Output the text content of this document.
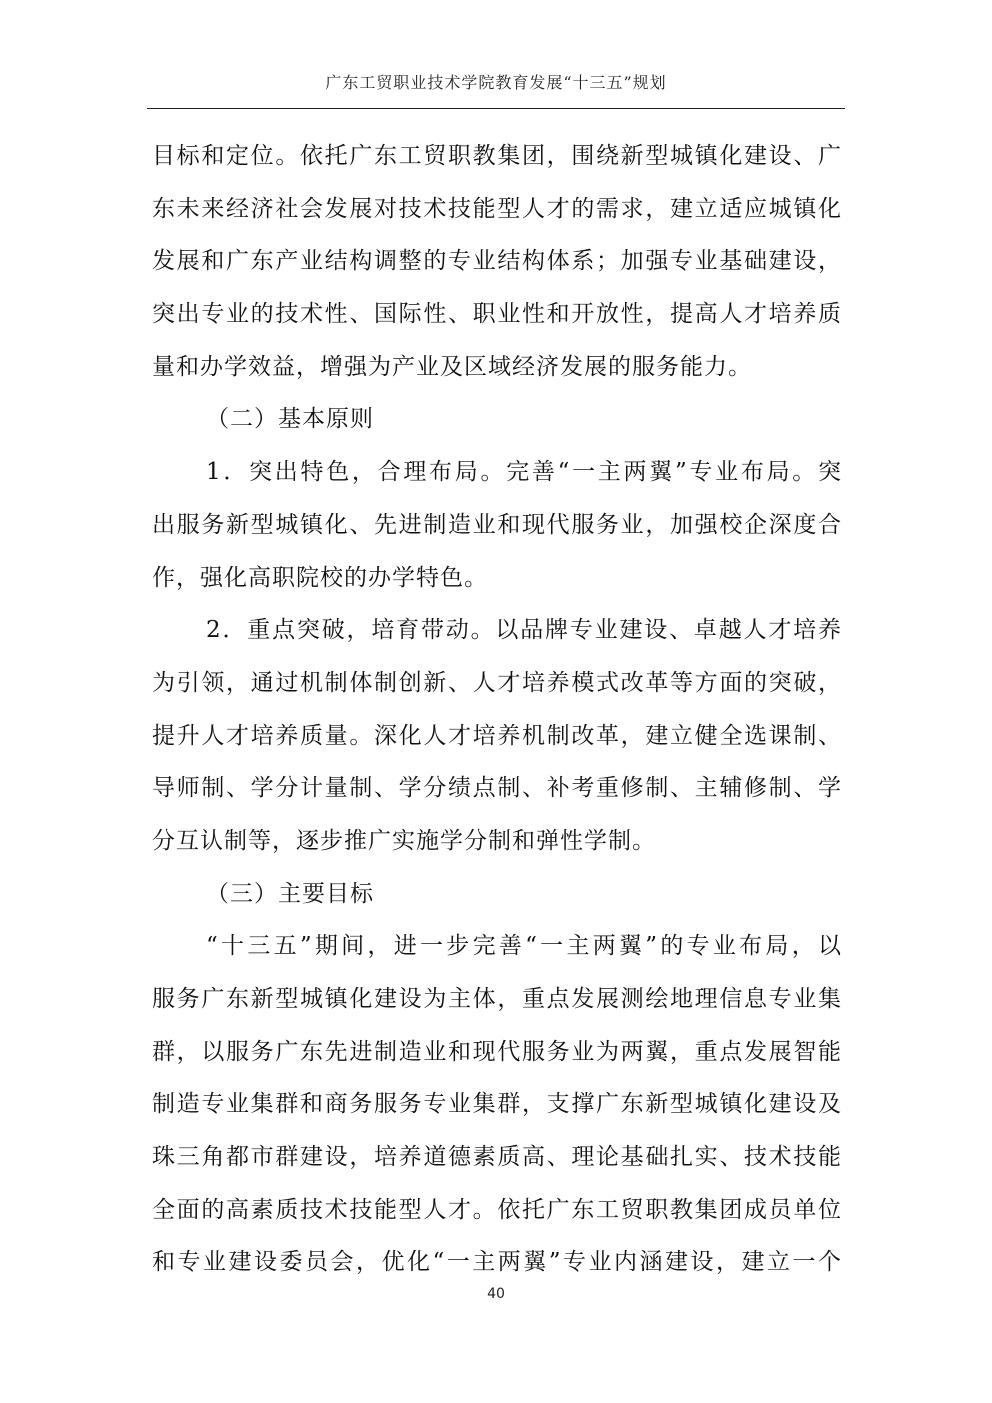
广东工贸职业技术学院教育发展“十三五”规划
目标和定位。依托广东工贸职教集团，围绕新型城镇化建设、广
东未来经济社会发展对技术技能型人才的需求，建立适应城镇化
发展和广东产业结构调整的专业结构体系；加强专业基础建设，
突出专业的技术性、国际性、职业性和开放性，提高人才培养质
量和办学效益，增强为产业及区域经济发展的服务能力。
（二）基本原则
1．突出特色，合理布局。完善“一主两翼”专业布局。突
出服务新型城镇化、先进制造业和现代服务业，加强校企深度合
作，强化高职院校的办学特色。
2．重点突破，培育带动。以品牌专业建设、卓越人才培养
为引领，通过机制体制创新、人才培养模式改革等方面的突破，
提升人才培养质量。深化人才培养机制改革，建立健全选课制、
导师制、学分计量制、学分绩点制、补考重修制、主辅修制、学
分互认制等，逐步推广实施学分制和弹性学制。
（三）主要目标
“十三五”期间，进一步完善“一主两翼”的专业布局，以
服务广东新型城镇化建设为主体，重点发展测绘地理信息专业集
群，以服务广东先进制造业和现代服务业为两翼，重点发展智能
制造专业集群和商务服务专业集群，支撑广东新型城镇化建设及
珠三角都市群建设，培养道德素质高、理论基础扎实、技术技能
全面的高素质技术技能型人才。依托广东工贸职教集团成员单位
和专业建设委员会，优化“一主两翼”专业内涵建设，建立一个
40
